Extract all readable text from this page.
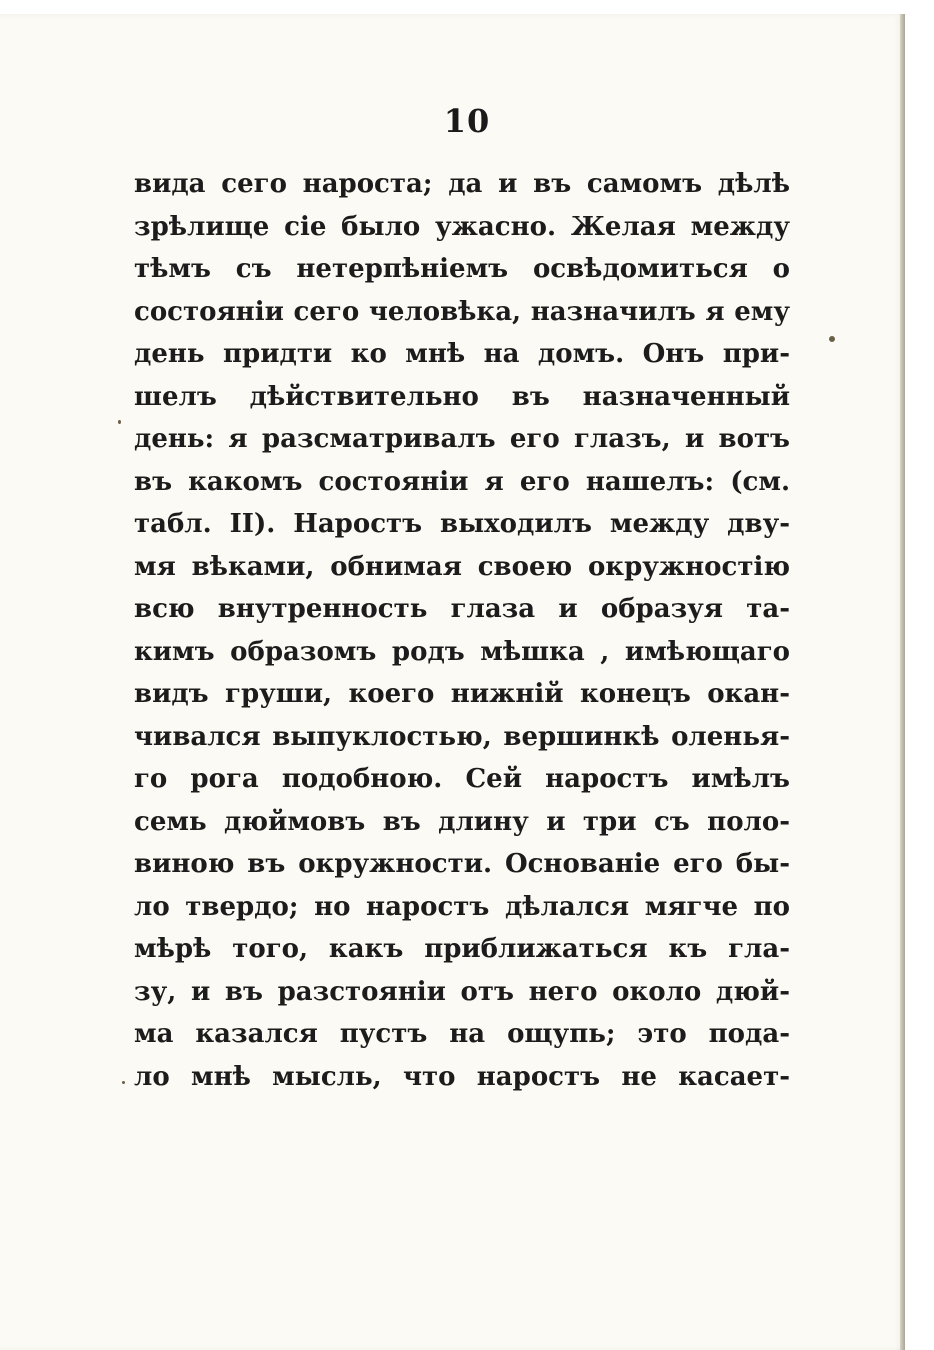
10
вида сего нароста; да и въ самомъ дѣлѣ
зрѣлище сіе было ужасно. Желая между
тѣмъ съ нетерпѣніемъ освѣдомиться о
состояніи сего человѣка, назначилъ я ему
день придти ко мнѣ на домъ. Онъ при-
шелъ дѣйствительно въ назначенный
день: я разсматривалъ его глазъ, и вотъ
въ какомъ состояніи я его нашелъ: (см.
табл. II). Наростъ выходилъ между дву-
мя вѣками, обнимая своею окружностію
всю внутренность глаза и образуя та-
кимъ образомъ родъ мѣшка , имѣющаго
видъ груши, коего нижній конецъ окан-
чивался выпуклостью, вершинкѣ оленья-
го рога подобною. Сей наростъ имѣлъ
семь дюймовъ въ длину и три съ поло-
виною въ окружности. Основаніе его бы-
ло твердо; но наростъ дѣлался мягче по
мѣрѣ того, какъ приближаться къ гла-
зу, и въ разстояніи отъ него около дюй-
ма казался пустъ на ощупь; это пода-
ло мнѣ мысль, что наростъ не касает-
